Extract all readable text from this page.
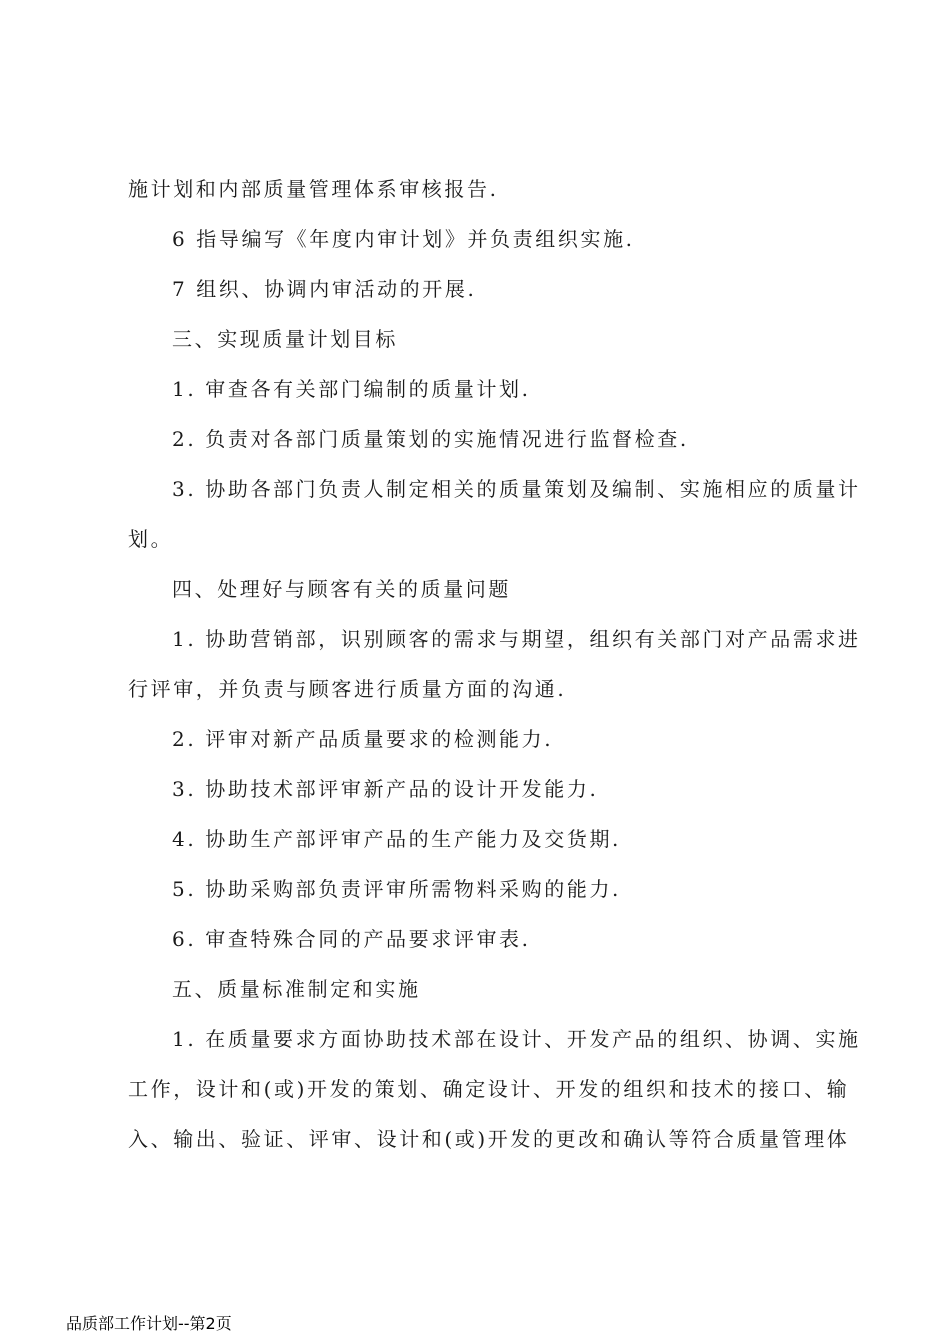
施计划和内部质量管理体系审核报告.
6 指导编写《年度内审计划》并负责组织实施.
7 组织、协调内审活动的开展.
三、实现质量计划目标
1. 审查各有关部门编制的质量计划.
2. 负责对各部门质量策划的实施情况进行监督检查.
3. 协助各部门负责人制定相关的质量策划及编制、实施相应的质量计
划。
四、处理好与顾客有关的质量问题
1. 协助营销部，识别顾客的需求与期望，组织有关部门对产品需求进
行评审，并负责与顾客进行质量方面的沟通.
2. 评审对新产品质量要求的检测能力.
3. 协助技术部评审新产品的设计开发能力.
4. 协助生产部评审产品的生产能力及交货期.
5. 协助采购部负责评审所需物料采购的能力.
6. 审查特殊合同的产品要求评审表.
五、质量标准制定和实施
1. 在质量要求方面协助技术部在设计、开发产品的组织、协调、实施
工作，设计和(或)开发的策划、确定设计、开发的组织和技术的接口、输
入、输出、验证、评审、设计和(或)开发的更改和确认等符合质量管理体
品质部工作计划--第2页
